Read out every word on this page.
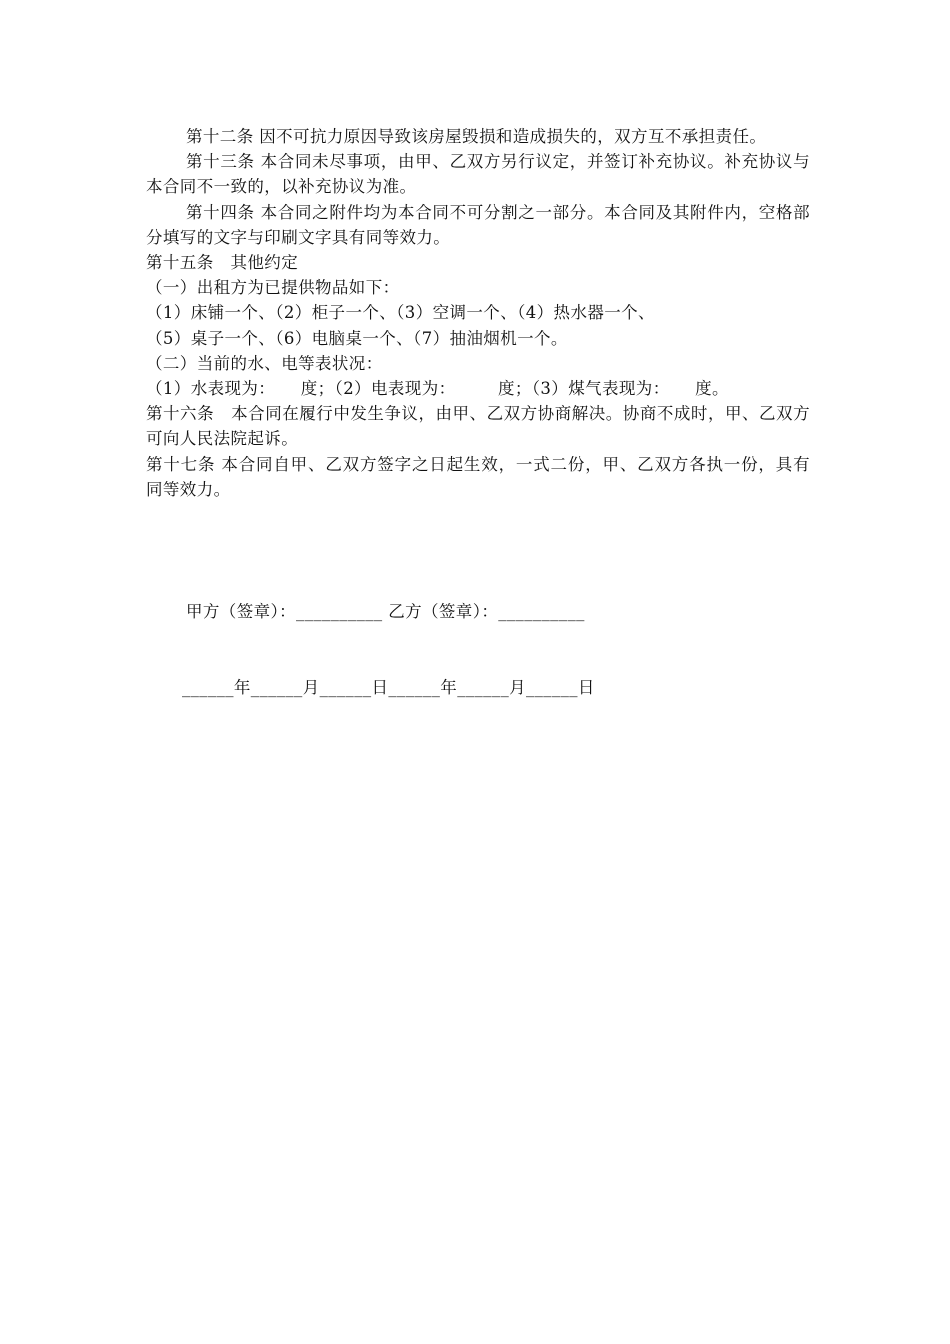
第十二条 因不可抗力原因导致该房屋毁损和造成损失的，双方互不承担责任。

第十三条 本合同未尽事项，由甲、乙双方另行议定，并签订补充协议。补充协议与本合同不一致的，以补充协议为准。

第十四条 本合同之附件均为本合同不可分割之一部分。本合同及其附件内，空格部分填写的文字与印刷文字具有同等效力。

第十五条　其他约定

（一）出租方为已提供物品如下：

（1）床铺一个、（2）柜子一个、（3）空调一个、（4）热水器一个、

（5）桌子一个、（6）电脑桌一个、（7）抽油烟机一个。

（二）当前的水、电等表状况：

（1）水表现为：　　度；（2）电表现为：　　　度；（3）煤气表现为：　　度。

第十六条　本合同在履行中发生争议，由甲、乙双方协商解决。协商不成时，甲、乙双方可向人民法院起诉。

第十七条 本合同自甲、乙双方签字之日起生效，一式二份，甲、乙双方各执一份，具有同等效力。

甲方（签章）：__________ 乙方（签章）：__________
______年______月______日______年______月______日
